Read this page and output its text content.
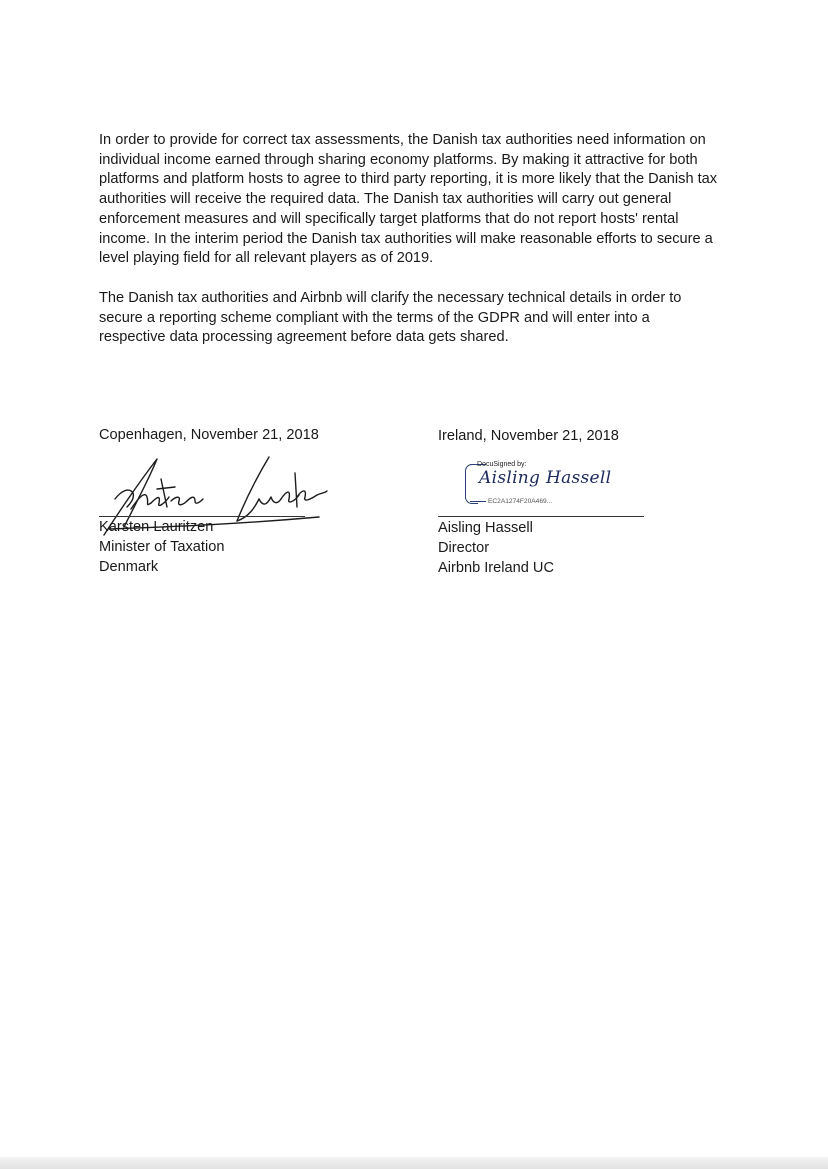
In order to provide for correct tax assessments, the Danish tax authorities need information on
individual income earned through sharing economy platforms. By making it attractive for both
platforms and platform hosts to agree to third party reporting, it is more likely that the Danish tax
authorities will receive the required data. The Danish tax authorities will carry out general
enforcement measures and will specifically target platforms that do not report hosts' rental
income. In the interim period the Danish tax authorities will make reasonable efforts to secure a
level playing field for all relevant players as of 2019.

The Danish tax authorities and Airbnb will clarify the necessary technical details in order to
secure a reporting scheme compliant with the terms of the GDPR and will enter into a
respective data processing agreement before data gets shared.

Copenhagen, November 21, 2018

Karsten Lauritzen

Minister of Taxation

Denmark

Ireland, November 21, 2018

DocuSigned by:
Aisling Hassell
EC2A1274F20A469...

Aisling Hassell

Director

Airbnb Ireland UC
